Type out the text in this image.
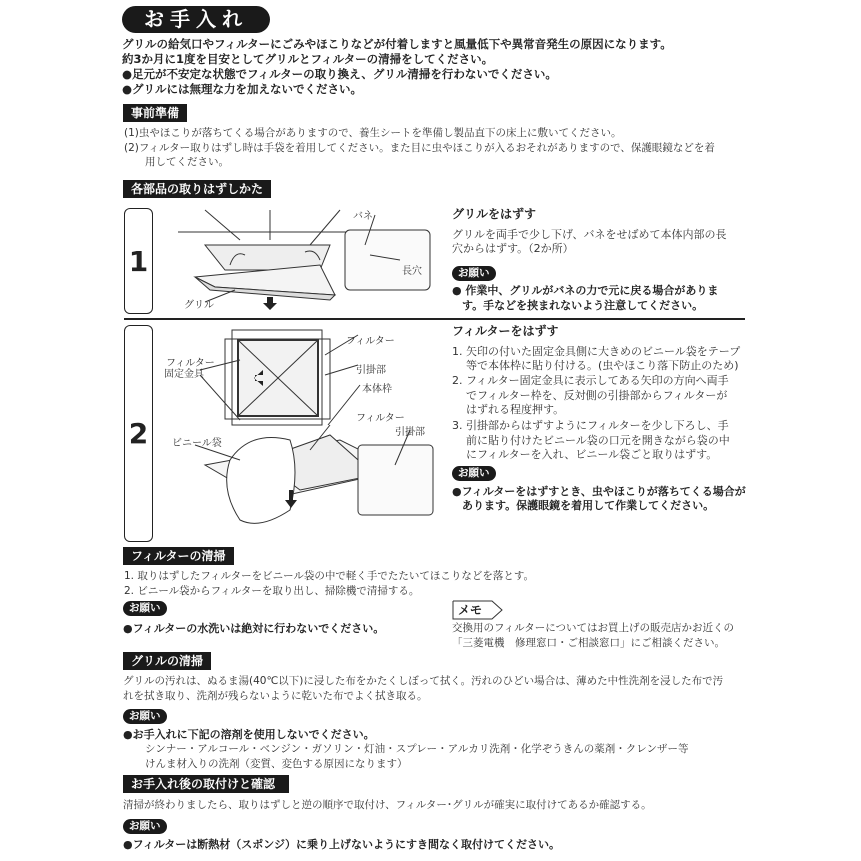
お手入れ
グリルの給気口やフィルターにごみやほこりなどが付着しますと風量低下や異常音発生の原因になります。
約3か月に1度を目安としてグリルとフィルターの清掃をしてください。
●足元が不安定な状態でフィルターの取り換え、グリル清掃を行わないでください。
●グリルには無理な力を加えないでください。
事前準備
(1)虫やほこりが落ちてくる場合がありますので、養生シートを準備し製品直下の床上に敷いてください。
(2)フィルター取りはずし時は手袋を着用してください。また目に虫やほこりが入るおそれがありますので、保護眼鏡などを着
用してください。
各部品の取りはずしかた
1
バネ
長穴
グリル
グリルをはずす
グリルを両手で少し下げ、バネをせばめて本体内部の長
穴からはずす。（2か所）
お願い
● 作業中、グリルがバネの力で元に戻る場合がありま
す。手などを挟まれないよう注意してください。
2
フィルター
フィルター
固定金具	引掛部
本体枠
フィルター
ビニール袋
引掛部
フィルターをはずす
1. 矢印の付いた固定金具側に大きめのビニール袋をテープ
等で本体枠に貼り付ける。(虫やほこり落下防止のため)
2. フィルター固定金具に表示してある矢印の方向へ両手
でフィルター枠を、反対側の引掛部からフィルターが
はずれる程度押す。
3. 引掛部からはずすようにフィルターを少し下ろし、手
前に貼り付けたビニール袋の口元を開きながら袋の中
にフィルターを入れ、ビニール袋ごと取りはずす。
お願い
●フィルターをはずすとき、虫やほこりが落ちてくる場合が
あります。保護眼鏡を着用して作業してください。
フィルターの清掃
1. 取りはずしたフィルターをビニール袋の中で軽く手でたたいてほこりなどを落とす。
2. ビニール袋からフィルターを取り出し、掃除機で清掃する。
お願い
●フィルターの水洗いは絶対に行わないでください。
メモ
交換用のフィルターについてはお買上げの販売店かお近くの
「三菱電機　修理窓口・ご相談窓口」にご相談ください。
グリルの清掃
グリルの汚れは、ぬるま湯(40℃以下)に浸した布をかたくしぼって拭く。汚れのひどい場合は、薄めた中性洗剤を浸した布で汚
れを拭き取り、洗剤が残らないように乾いた布でよく拭き取る。
お願い
●お手入れに下記の溶剤を使用しないでください。
シンナー・アルコール・ベンジン・ガソリン・灯油・スプレー・アルカリ洗剤・化学ぞうきんの薬剤・クレンザー等
けんま材入りの洗剤（変質、変色する原因になります）
お手入れ後の取付けと確認
清掃が終わりましたら、取りはずしと逆の順序で取付け、フィルター･グリルが確実に取付けてあるか確認する。
お願い
●フィルターは断熱材（スポンジ）に乗り上げないようにすき間なく取付けてください。
